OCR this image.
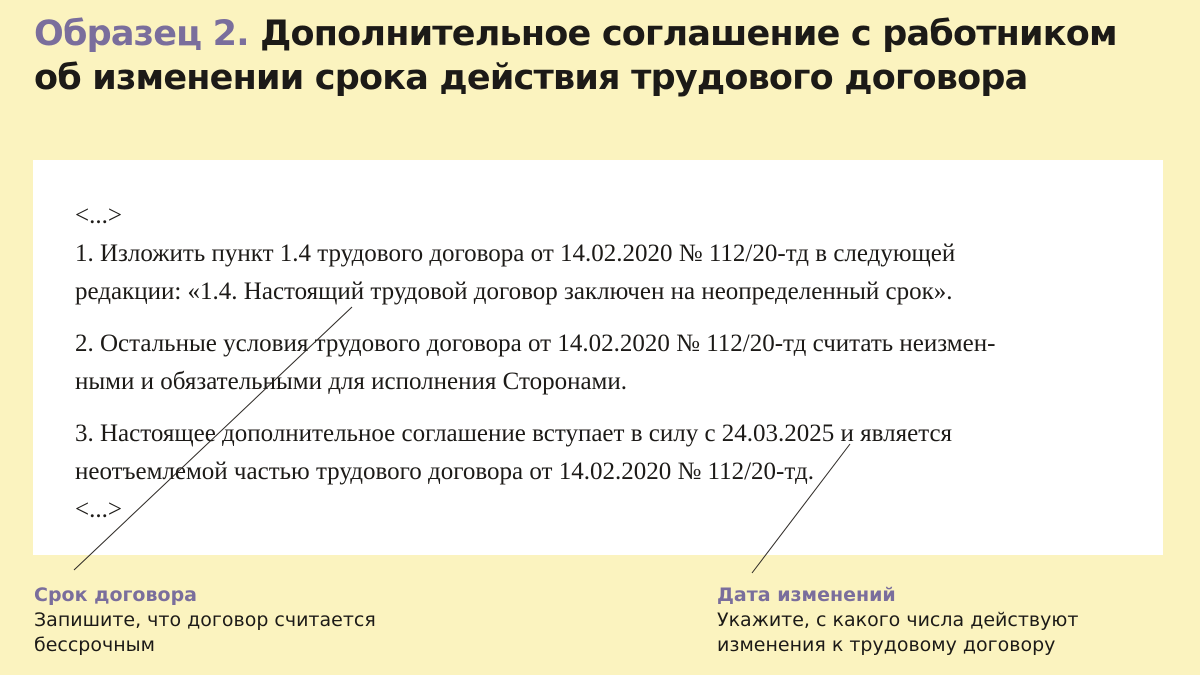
Образец 2. Дополнительное соглашение с работником
об изменении срока действия трудового договора

<...>

1. Изложить пункт 1.4 трудового договора от 14.02.2020 № 112/20-тд в следующей

редакции: «1.4. Настоящий трудовой договор заключен на неопределенный срок».

2. Остальные условия трудового договора от 14.02.2020 № 112/20-тд считать неизмен-

ными и обязательными для исполнения Сторонами.

3. Настоящее дополнительное соглашение вступает в силу с 24.03.2025 и является

неотъемлемой частью трудового договора от 14.02.2020 № 112/20-тд.

<...>

Срок договора
Запишите, что договор считается
бессрочным
Дата изменений
Укажите, с какого числа действуют
изменения к трудовому договору
